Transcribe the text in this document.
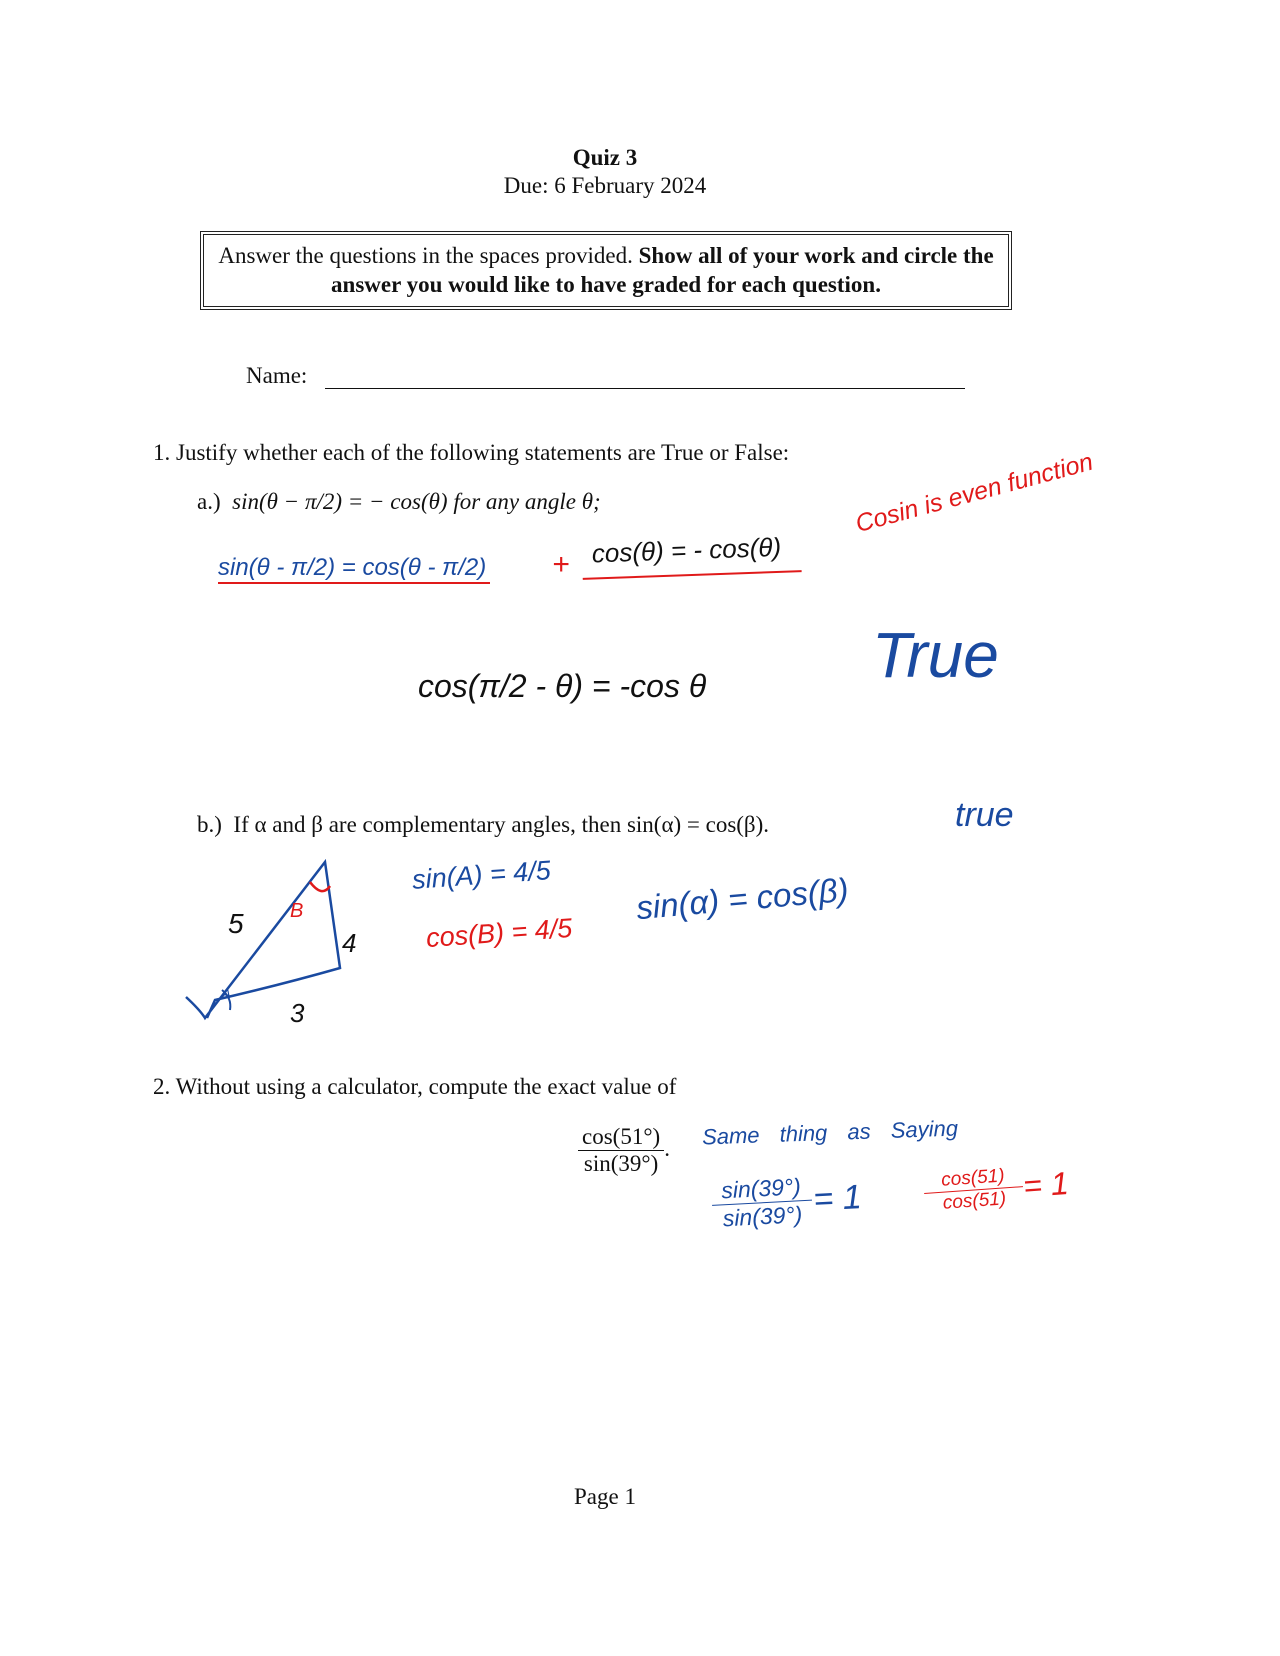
Quiz 3
Due: 6 February 2024
Answer the questions in the spaces provided. Show all of your work and circle the answer you would like to have graded for each question.
Name:
1. Justify whether each of the following statements are True or False:
a.) sin(θ − π/2) = − cos(θ) for any angle θ;
sin(θ - π/2) = cos(θ - π/2) + cos(θ) = - cos(θ)
Cosin is even function
cos(π/2 - θ) = -cos θ	True
b.) If α and β are complementary angles, then sin(α) = cos(β).	true
5
4
3
A
B
sin(A) = 4/5
cos(B) = 4/5
sin(α) = cos(β)
2. Without using a calculator, compute the exact value of
$\frac{\cos(51^\circ)}{\sin(39^\circ)}$ . Same thing as Saying
$\frac{\sin(39^\circ)}{\sin(39^\circ)} = 1$	$\frac{\cos(51)}{\cos(51)}$
= 1
Page 1
